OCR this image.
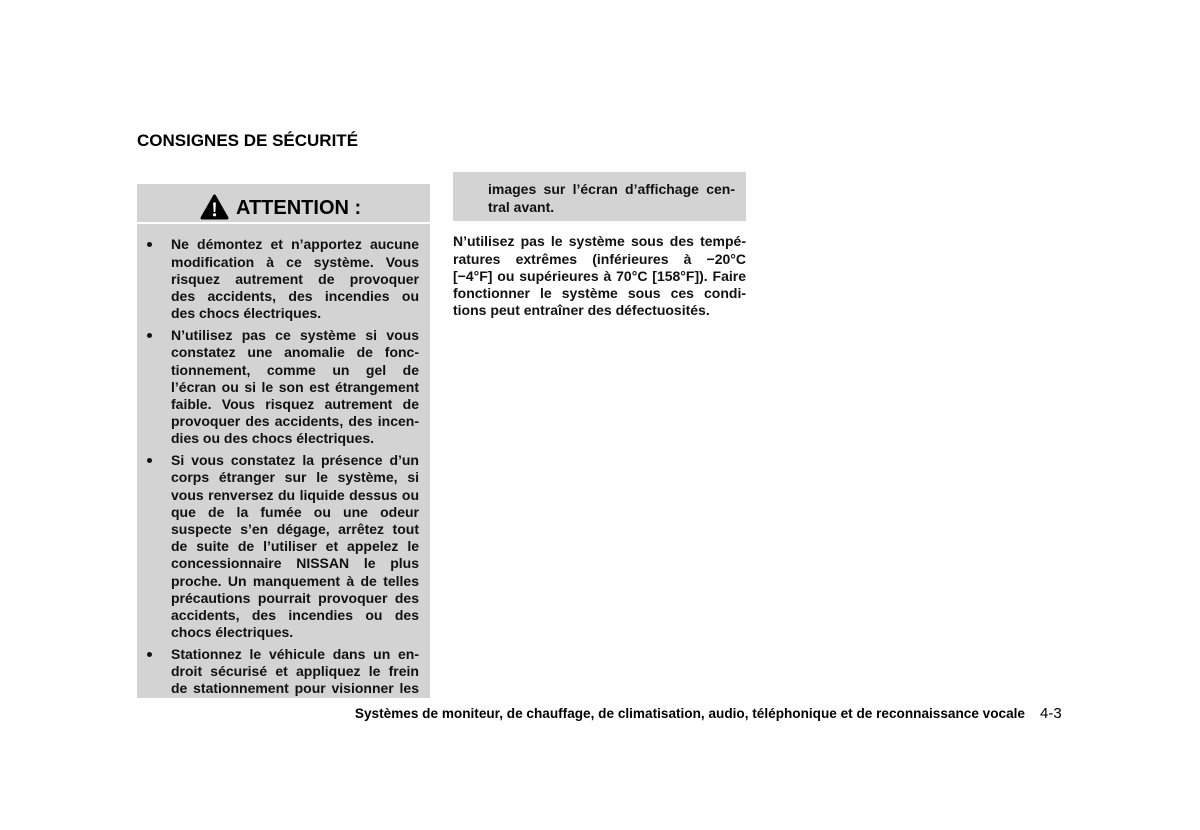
CONSIGNES DE SÉCURITÉ
ATTENTION :
Ne démontez et n’apportez aucune
modification à ce système. Vous
risquez autrement de provoquer
des accidents, des incendies ou
des chocs électriques.
N’utilisez pas ce système si vous
constatez une anomalie de fonc-
tionnement, comme un gel de
l’écran ou si le son est étrangement
faible. Vous risquez autrement de
provoquer des accidents, des incen-
dies ou des chocs électriques.
Si vous constatez la présence d’un
corps étranger sur le système, si
vous renversez du liquide dessus ou
que de la fumée ou une odeur
suspecte s’en dégage, arrêtez tout
de suite de l’utiliser et appelez le
concessionnaire NISSAN le plus
proche. Un manquement à de telles
précautions pourrait provoquer des
accidents, des incendies ou des
chocs électriques.
Stationnez le véhicule dans un en-
droit sécurisé et appliquez le frein
de stationnement pour visionner les
images sur l’écran d’affichage cen-
tral avant.
N’utilisez pas le système sous des tempé-
ratures extrêmes (inférieures à −20°C
[−4°F] ou supérieures à 70°C [158°F]). Faire
fonctionner le système sous ces condi-
tions peut entraîner des défectuosités.
Systèmes de moniteur, de chauffage, de climatisation, audio, téléphonique et de reconnaissance vocale 4-3
